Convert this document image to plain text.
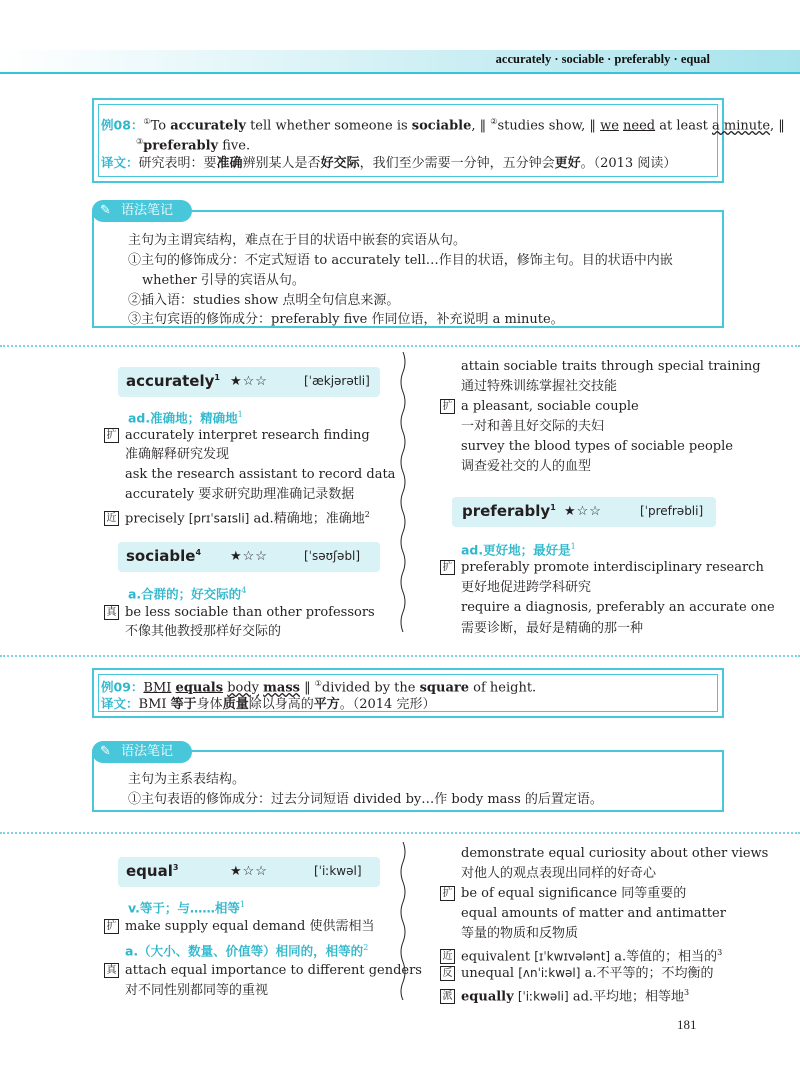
accurately · sociable · preferably · equal
例08：①To accurately tell whether someone is sociable, ‖ ②studies show, ‖ we need at least a minute, ‖
③preferably five.
译文：研究表明：要准确辨别某人是否好交际，我们至少需要一分钟，五分钟会更好。（2013 阅读）
✎ 语法笔记
主句为主谓宾结构，难点在于目的状语中嵌套的宾语从句。
①主句的修饰成分：不定式短语 to accurately tell…作目的状语，修饰主句。目的状语中内嵌
whether 引导的宾语从句。
②插入语：studies show 点明全句信息来源。
③主句宾语的修饰成分：preferably five 作同位语，补充说明 a minute。
accurately$^1$ ★☆☆	[ˈækjərətli]
ad.准确地；精确地$^1$
扩 accurately interpret research finding
准确解释研究发现
ask the research assistant to record data
accurately 要求研究助理准确记录数据
近 precisely [prɪˈsaɪsli] ad.精确地；准确地$^2$
sociable$^4$ ★☆☆	[ˈsəʊʃəbl]
a.合群的；好交际的$^4$
真 be less sociable than other professors
不像其他教授那样好交际的
attain sociable traits through special training
通过特殊训练掌握社交技能
扩 a pleasant, sociable couple
一对和善且好交际的夫妇
survey the blood types of sociable people
调查爱社交的人的血型
preferably$^1$ ★☆☆	[ˈprefrəbli]
ad.更好地；最好是$^1$
扩 preferably promote interdisciplinary research
更好地促进跨学科研究
require a diagnosis, preferably an accurate one
需要诊断，最好是精确的那一种
例09：BMI equals body mass ‖ ①divided by the square of height.
译文：BMI 等于身体质量除以身高的平方。（2014 完形）
✎ 语法笔记
主句为主系表结构。
①主句表语的修饰成分：过去分词短语 divided by…作 body mass 的后置定语。
equal$^3$	★☆☆	[ˈiːkwəl]
v.等于；与……相等$^1$
扩 make supply equal demand 使供需相当
a.（大小、数量、价值等）相同的，相等的$^2$
真 attach equal importance to different genders
对不同性别都同等的重视
demonstrate equal curiosity about other views
对他人的观点表现出同样的好奇心
扩 be of equal significance 同等重要的
equal amounts of matter and antimatter
等量的物质和反物质
近 equivalent [ɪˈkwɪvələnt] a.等值的；相当的$^3$
反 unequal [ʌnˈiːkwəl] a.不平等的；不均衡的
派 equally [ˈiːkwəli] ad.平均地；相等地$^3$
181
